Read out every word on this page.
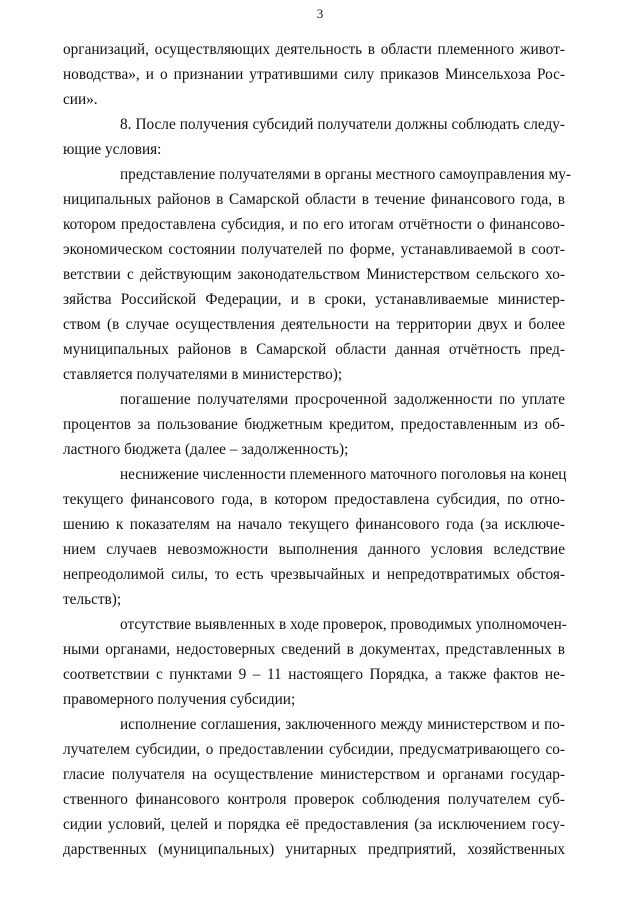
3
организаций, осуществляющих деятельность в области племенного живот-
новодства», и о признании утратившими силу приказов Минсельхоза Рос-
сии».
8. После получения субсидий получатели должны соблюдать следу-
ющие условия:
представление получателями в органы местного самоуправления му-
ниципальных районов в Самарской области в течение финансового года, в
котором предоставлена субсидия, и по его итогам отчётности о финансово-
экономическом состоянии получателей по форме, устанавливаемой в соот-
ветствии с действующим законодательством Министерством сельского хо-
зяйства Российской Федерации, и в сроки, устанавливаемые министер-
ством (в случае осуществления деятельности на территории двух и более
муниципальных районов в Самарской области данная отчётность пред-
ставляется получателями в министерство);
погашение получателями просроченной задолженности по уплате
процентов за пользование бюджетным кредитом, предоставленным из об-
ластного бюджета (далее – задолженность);
неснижение численности племенного маточного поголовья на конец
текущего финансового года, в котором предоставлена субсидия, по отно-
шению к показателям на начало текущего финансового года (за исключе-
нием случаев невозможности выполнения данного условия вследствие
непреодолимой силы, то есть чрезвычайных и непредотвратимых обстоя-
тельств);
отсутствие выявленных в ходе проверок, проводимых уполномочен-
ными органами, недостоверных сведений в документах, представленных в
соответствии с пунктами 9 – 11 настоящего Порядка, а также фактов не-
правомерного получения субсидии;
исполнение соглашения, заключенного между министерством и по-
лучателем субсидии, о предоставлении субсидии, предусматривающего со-
гласие получателя на осуществление министерством и органами государ-
ственного финансового контроля проверок соблюдения получателем суб-
сидии условий, целей и порядка её предоставления (за исключением госу-
дарственных (муниципальных) унитарных предприятий, хозяйственных
